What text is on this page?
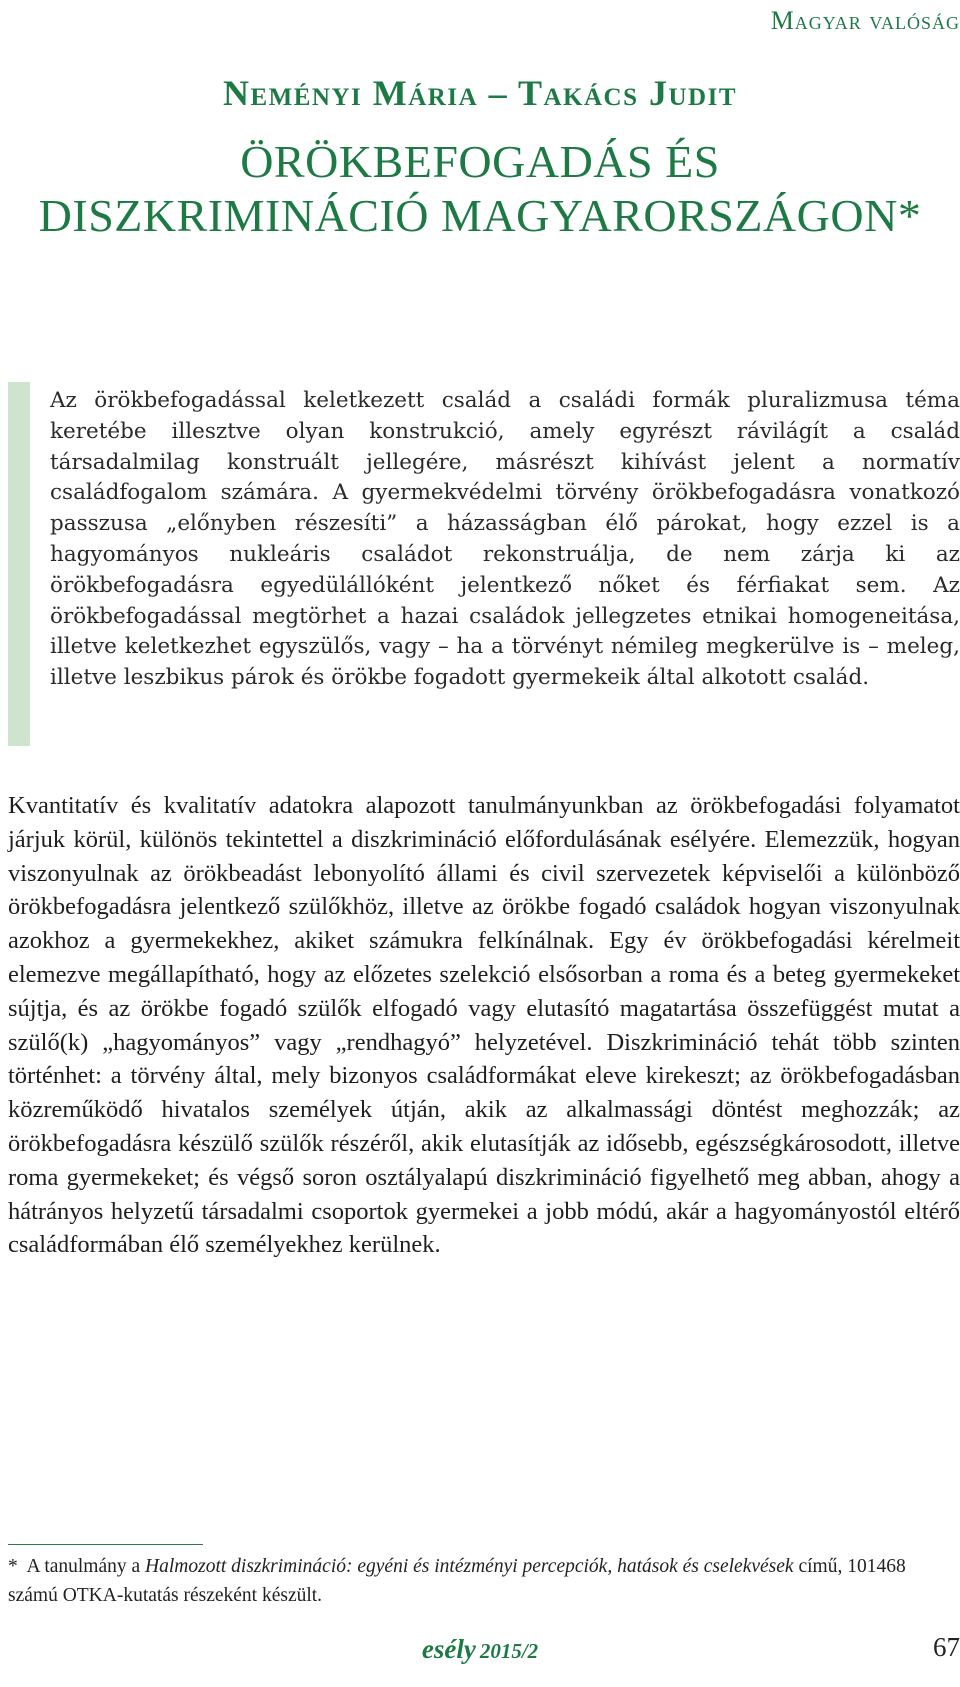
Magyar valóság
Neményi Mária – Takács Judit
ÖRÖKBEFOGADÁS ÉS
DISZKRIMINÁCIÓ MAGYARORSZÁGON*
Az örökbefogadással keletkezett család a családi formák pluralizmusa téma keretébe illesztve olyan konstrukció, amely egyrészt rávilágít a család társadalmilag konstruált jellegére, másrészt kihívást jelent a normatív családfogalom számára. A gyermekvédelmi törvény örökbefogadásra vonatkozó passzusa „előnyben részesíti” a házasságban élő párokat, hogy ezzel is a hagyományos nukleáris családot rekonstruálja, de nem zárja ki az örökbefogadásra egyedülállóként jelentkező nőket és férfiakat sem. Az örökbefogadással megtörhet a hazai családok jellegzetes etnikai homogeneitása, illetve keletkezhet egyszülős, vagy – ha a törvényt némileg megkerülve is – meleg, illetve leszbikus párok és örökbe fogadott gyermekeik által alkotott család.
Kvantitatív és kvalitatív adatokra alapozott tanulmányunkban az örökbefogadási folyamatot járjuk körül, különös tekintettel a diszkrimináció előfordulásának esélyére. Elemezzük, hogyan viszonyulnak az örökbeadást lebonyolító állami és civil szervezetek képviselői a különböző örökbefogadásra jelentkező szülőkhöz, illetve az örökbe fogadó családok hogyan viszonyulnak azokhoz a gyermekekhez, akiket számukra felkínálnak. Egy év örökbefogadási kérelmeit elemezve megállapítható, hogy az előzetes szelekció elsősorban a roma és a beteg gyermekeket sújtja, és az örökbe fogadó szülők elfogadó vagy elutasító magatartása összefüggést mutat a szülő(k) „hagyományos” vagy „rendhagyó” helyzetével. Diszkrimináció tehát több szinten történhet: a törvény által, mely bizonyos családformákat eleve kirekeszt; az örökbefogadásban közreműködő hivatalos személyek útján, akik az alkalmassági döntést meghozzák; az örökbefogadásra készülő szülők részéről, akik elutasítják az idősebb, egészségkárosodott, illetve roma gyermekeket; és végső soron osztályalapú diszkrimináció figyelhető meg abban, ahogy a hátrányos helyzetű társadalmi csoportok gyermekei a jobb módú, akár a hagyományostól eltérő családformában élő személyekhez kerülnek.
* A tanulmány a Halmozott diszkrimináció: egyéni és intézményi percepciók, hatások és cselekvések című, 101468 számú OTKA-kutatás részeként készült.
esély 2015/2	67
